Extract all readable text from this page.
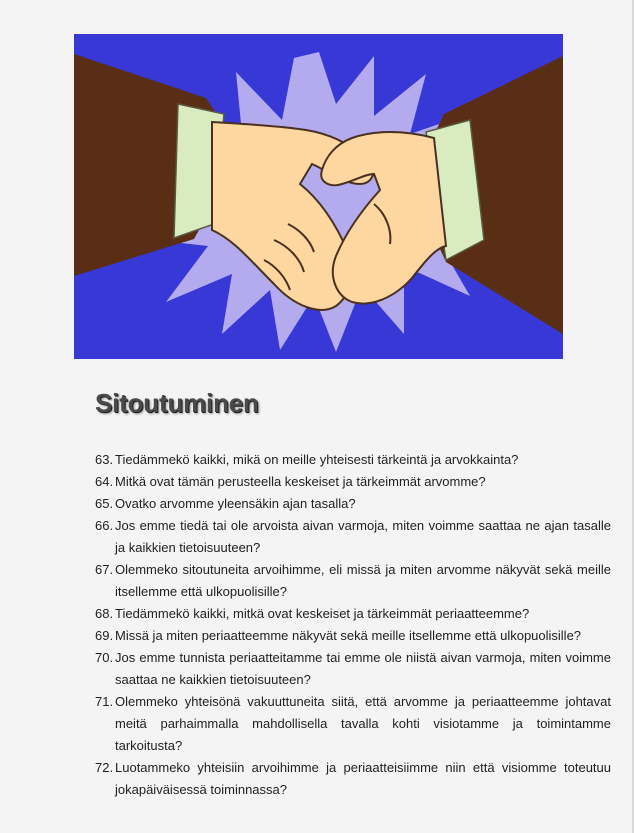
Sitoutuminen
63. Tiedämmekö kaikki, mikä on meille yhteisesti tärkeintä ja arvokkainta?
64. Mitkä ovat tämän perusteella keskeiset ja tärkeimmät arvomme?
65. Ovatko arvomme yleensäkin ajan tasalla?
66. Jos emme tiedä tai ole arvoista aivan varmoja, miten voimme saattaa ne ajan tasalle ja kaikkien tietoisuuteen?
67. Olemmeko sitoutuneita arvoihimme, eli missä ja miten arvomme näkyvät sekä meille itsellemme että ulkopuolisille?
68. Tiedämmekö kaikki, mitkä ovat keskeiset ja tärkeimmät periaatteemme?
69. Missä ja miten periaatteemme näkyvät sekä meille itsellemme että ulkopuolisille?
70. Jos emme tunnista periaatteitamme tai emme ole niistä aivan varmoja, miten voimme saattaa ne kaikkien tietoisuuteen?
71. Olemmeko yhteisönä vakuuttuneita siitä, että arvomme ja periaatteemme johtavat meitä parhaimmalla mahdollisella tavalla kohti visiotamme ja toimintamme tarkoitusta?
72. Luotammeko yhteisiin arvoihimme ja periaatteisiimme niin että visiomme toteutuu jokapäiväisessä toiminnassa?
